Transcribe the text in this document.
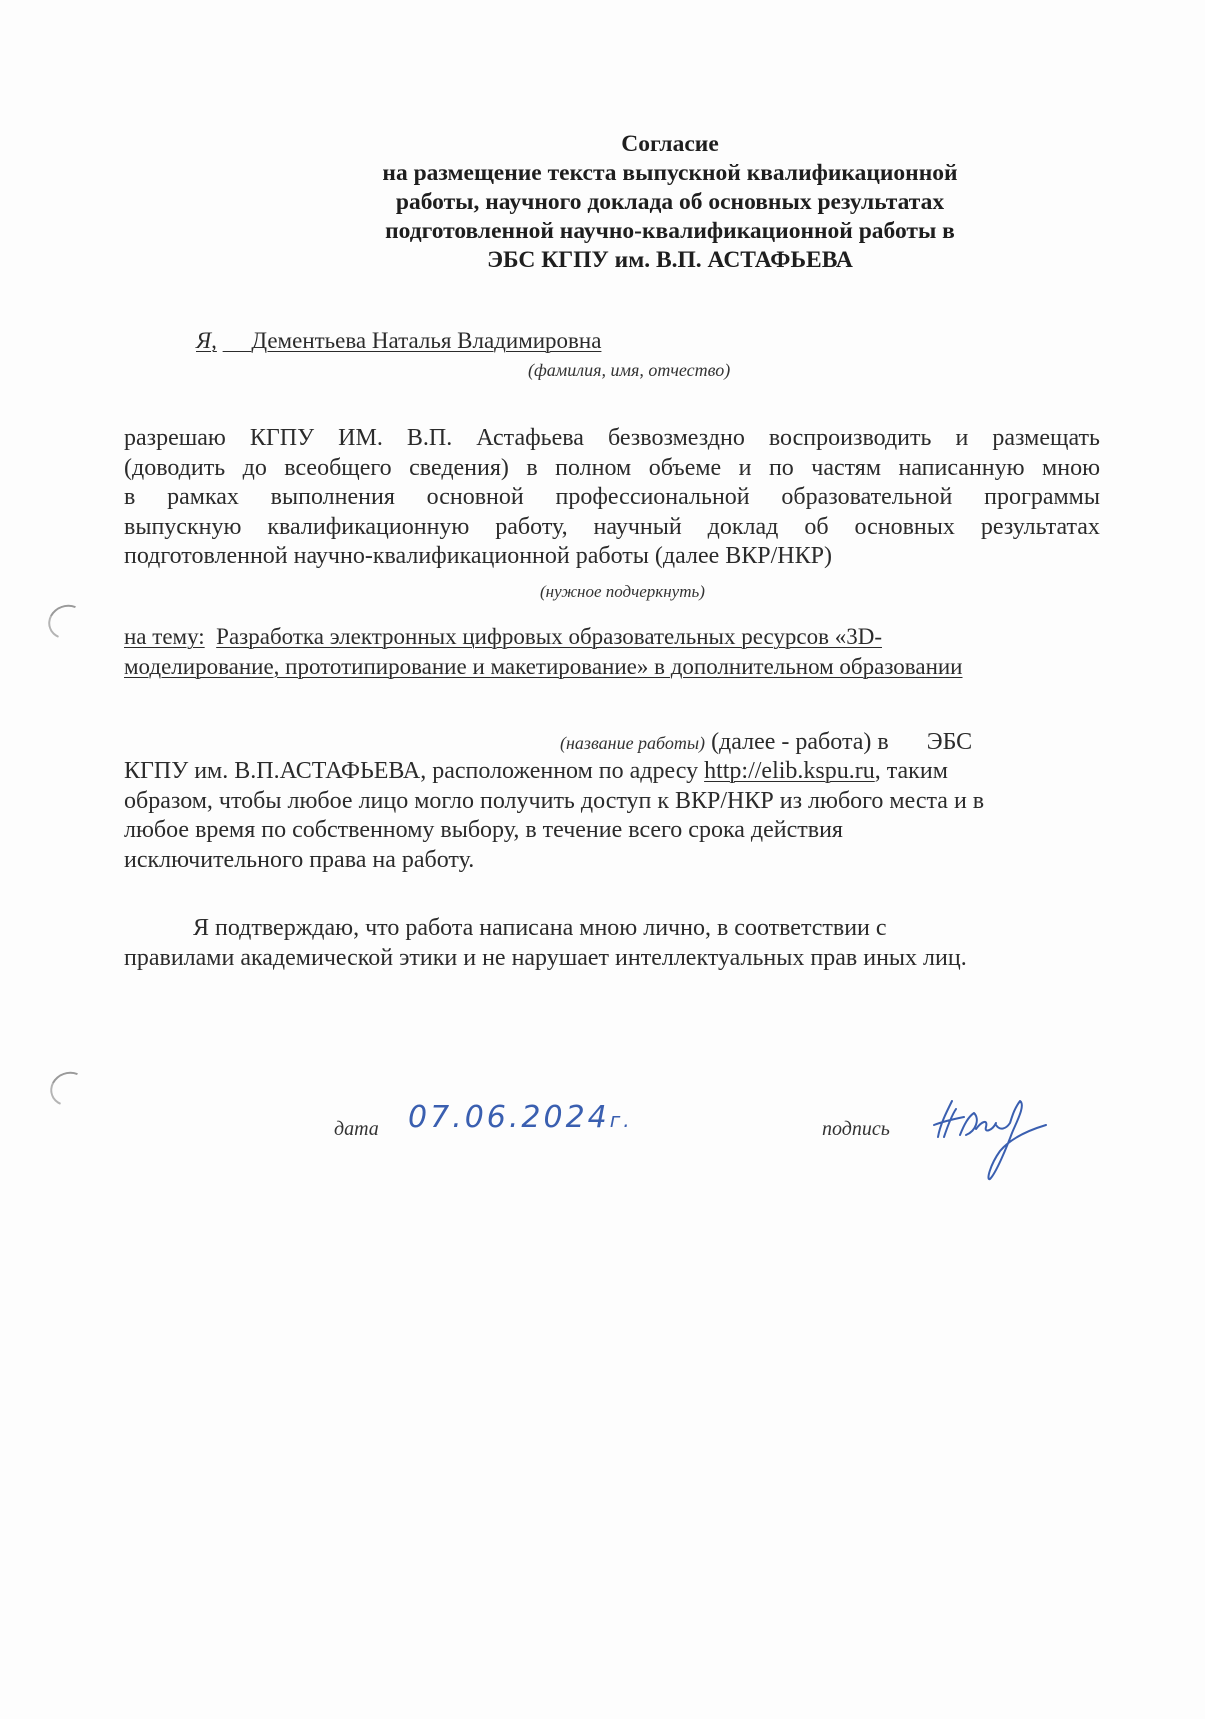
Согласие
на размещение текста выпускной квалификационной
работы, научного доклада об основных результатах
подготовленной научно-квалификационной работы в
ЭБС КГПУ им. В.П. АСТАФЬЕВА
Я, Дементьева Наталья Владимировна
(фамилия, имя, отчество)
разрешаю КГПУ ИМ. В.П. Астафьева безвозмездно воспроизводить и размещать
(доводить до всеобщего сведения) в полном объеме и по частям написанную мною
в рамках выполнения основной профессиональной образовательной программы
выпускную квалификационную работу, научный доклад об основных результатах
подготовленной научно-квалификационной работы (далее ВКР/НКР)
(нужное подчеркнуть)
на тему: Разработка электронных цифровых образовательных ресурсов «3D-
моделирование, прототипирование и макетирование» в дополнительном образовании
(название работы) (далее - работа) в ЭБС
КГПУ им. В.П.АСТАФЬЕВА, расположенном по адресу http://elib.kspu.ru, таким
образом, чтобы любое лицо могло получить доступ к ВКР/НКР из любого места и в
любое время по собственному выбору, в течение всего срока действия
исключительного права на работу.
Я подтверждаю, что работа написана мною лично, в соответствии с
правилами академической этики и не нарушает интеллектуальных прав иных лиц.
дата 07.06.2024г.	подпись
